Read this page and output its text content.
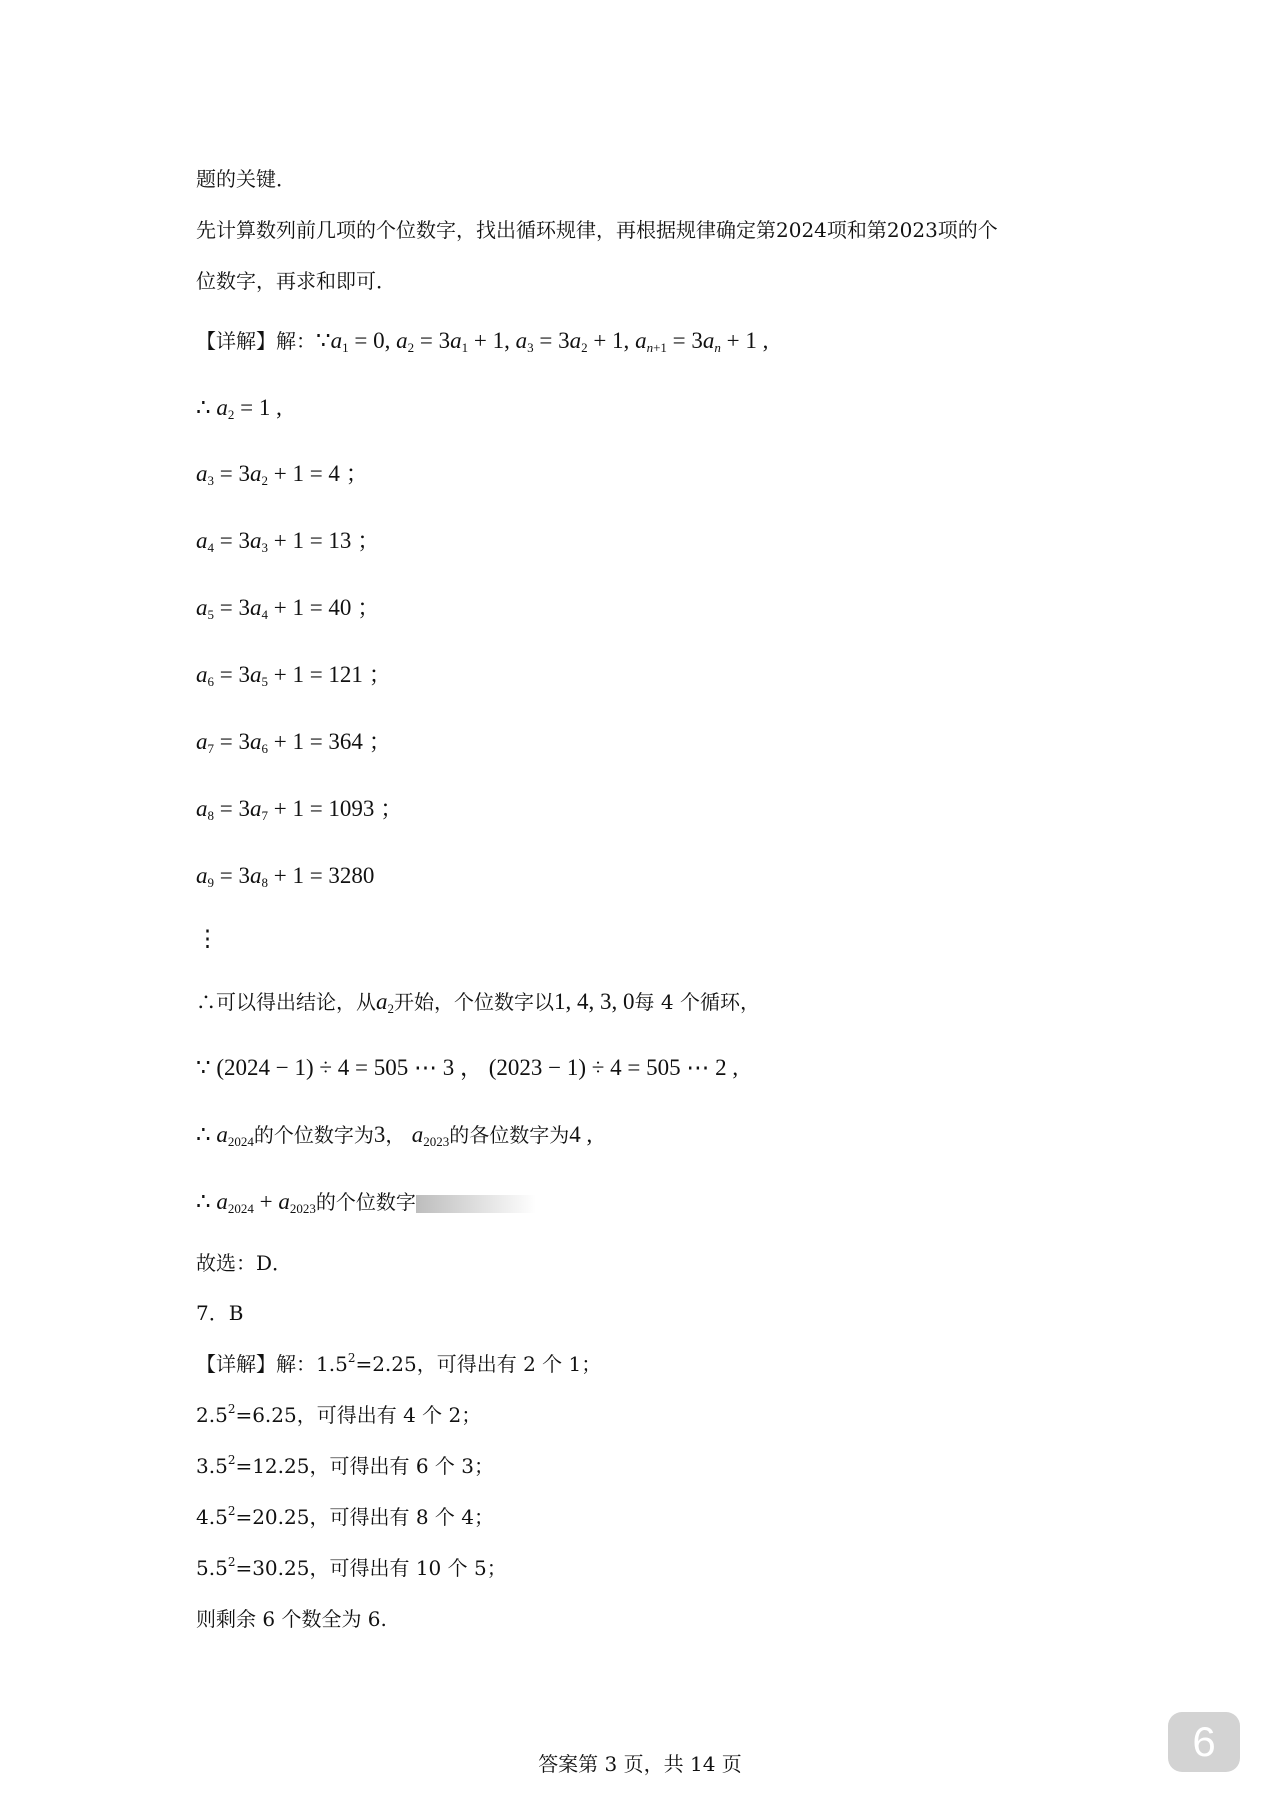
题的关键．
先计算数列前几项的个位数字，找出循环规律，再根据规律确定第2024项和第2023项的个
位数字，再求和即可．
【详解】解：$\because a_1 = 0$, $a_2 = 3a_1 + 1$, $a_3 = 3a_2 + 1$, $a_{n+1} = 3a_n + 1$ ,
∴ $a_2 = 1$ ,
$a_3 = 3a_2 + 1 = 4$ ；
$a_4 = 3a_3 + 1 = 13$ ；
$a_5 = 3a_4 + 1 = 40$ ；
$a_6 = 3a_5 + 1 = 121$ ；
$a_7 = 3a_6 + 1 = 364$ ；
$a_8 = 3a_7 + 1 = 1093$ ；
$a_9 = 3a_8 + 1 = 3280$
⋮
∴可以得出结论，从$a_2$开始，个位数字以1, 4, 3, 0每 4 个循环，
∵ (2024 − 1) ÷ 4 = 505 ⋯ 3 ， (2023 − 1) ÷ 4 = 505 ⋯ 2 ,
∴ $a_{2024}$的个位数字为3， $a_{2023}$的各位数字为4 ,
∴ $a_{2024} + a_{2023}$的个位数字
故选：D．
7．B
【详解】解：$1.5^2=2.25$，可得出有 2 个 1；
$2.5^2=6.25$，可得出有 4 个 2；
$3.5^2=12.25$，可得出有 6 个 3；
$4.5^2=20.25$，可得出有 8 个 4；
$5.5^2=30.25$，可得出有 10 个 5；
则剩余 6 个数全为 6.
答案第 3 页，共 14 页	6
